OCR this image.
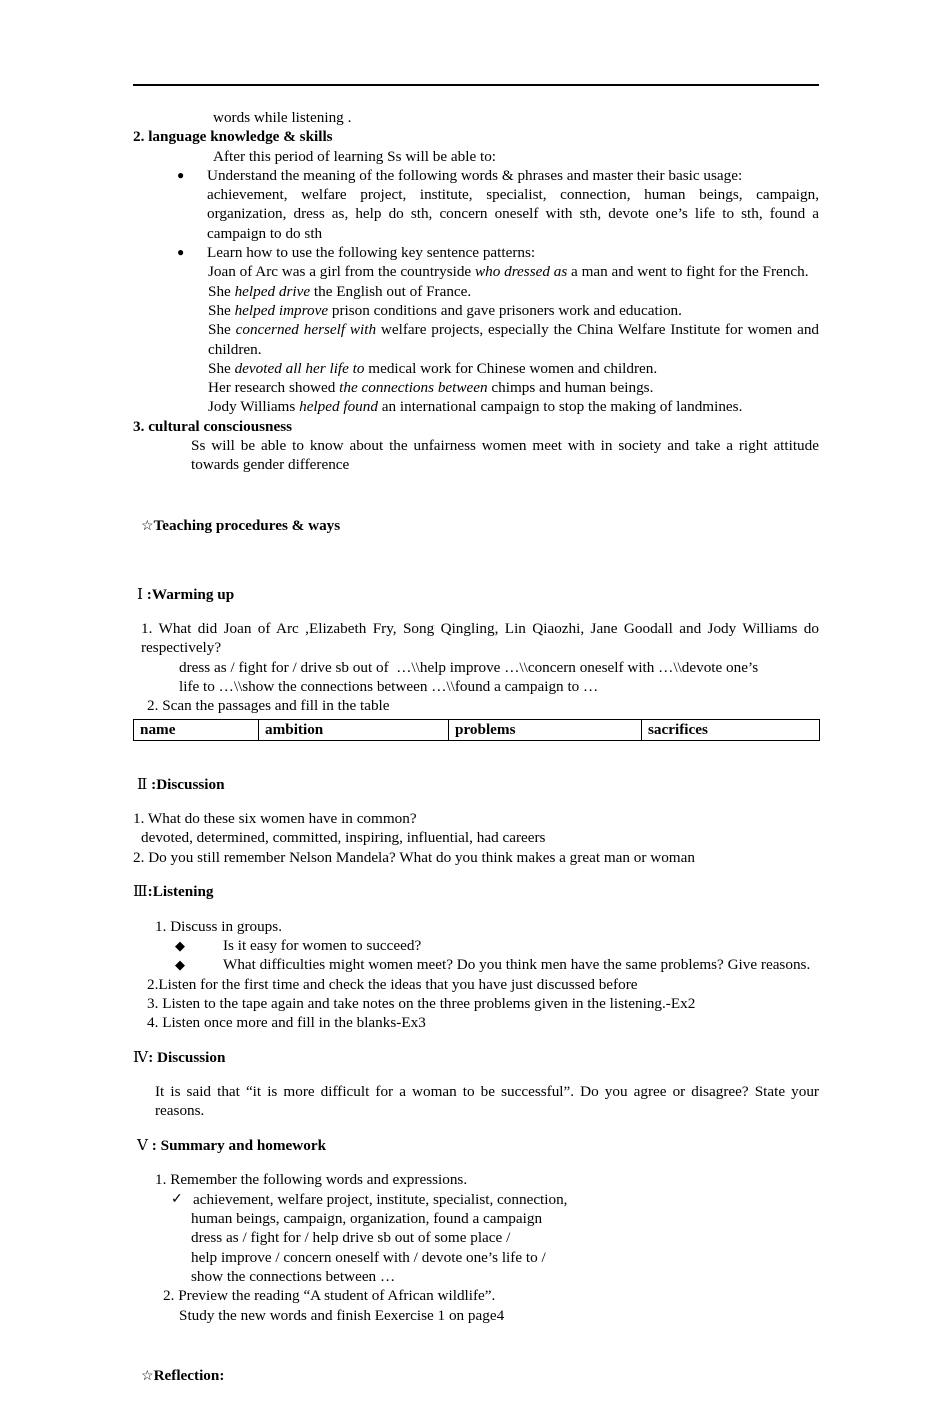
words while listening .

2. language knowledge & skills

After this period of learning Ss will be able to:

● Understand the meaning of the following words & phrases and master their basic usage:
achievement, welfare project, institute, specialist, connection, human beings, campaign, organization, dress as, help do sth, concern oneself with sth, devote one’s life to sth, found a campaign to do sth
● Learn how to use the following key sentence patterns:

Joan of Arc was a girl from the countryside who dressed as a man and went to fight for the French.

She helped drive the English out of France.

She helped improve prison conditions and gave prisoners work and education.

She concerned herself with welfare projects, especially the China Welfare Institute for women and children.

She devoted all her life to medical work for Chinese women and children.

Her research showed the connections between chimps and human beings.

Jody Williams helped found an international campaign to stop the making of landmines.

3. cultural consciousness

Ss will be able to know about the unfairness women meet with in society and take a right attitude towards gender difference

☆Teaching procedures & ways

Ⅰ :Warming up

1. What did Joan of Arc ,Elizabeth Fry, Song Qingling, Lin Qiaozhi, Jane Goodall and Jody Williams do respectively?

dress as / fight for / drive sb out of  …\\help improve …\\concern oneself with …\\devote one’s

life to …\\show the connections between …\\found a campaign to …

2. Scan the passages and fill in the table

name	ambition	problems	sacrifices

Ⅱ :Discussion

1. What do these six women have in common?

devoted, determined, committed, inspiring, influential, had careers

2. Do you still remember Nelson Mandela? What do you think makes a great man or woman

Ⅲ:Listening

1. Discuss in groups.

◆	Is it easy for women to succeed?
◆	What difficulties might women meet? Do you think men have the same problems? Give reasons.

2.Listen for the first time and check the ideas that you have just discussed before

3. Listen to the tape again and take notes on the three problems given in the listening.-Ex2

4. Listen once more and fill in the blanks-Ex3

Ⅳ: Discussion

It is said that “it is more difficult for a woman to be successful”. Do you agree or disagree? State your reasons.

Ⅴ : Summary and homework

1. Remember the following words and expressions.

✓ achievement, welfare project, institute, specialist, connection,

human beings, campaign, organization, found a campaign

dress as / fight for / help drive sb out of some place /

help improve / concern oneself with / devote one’s life to /

show the connections between …

2. Preview the reading “A student of African wildlife”.

Study the new words and finish Eexercise 1 on page4

☆Reflection:
